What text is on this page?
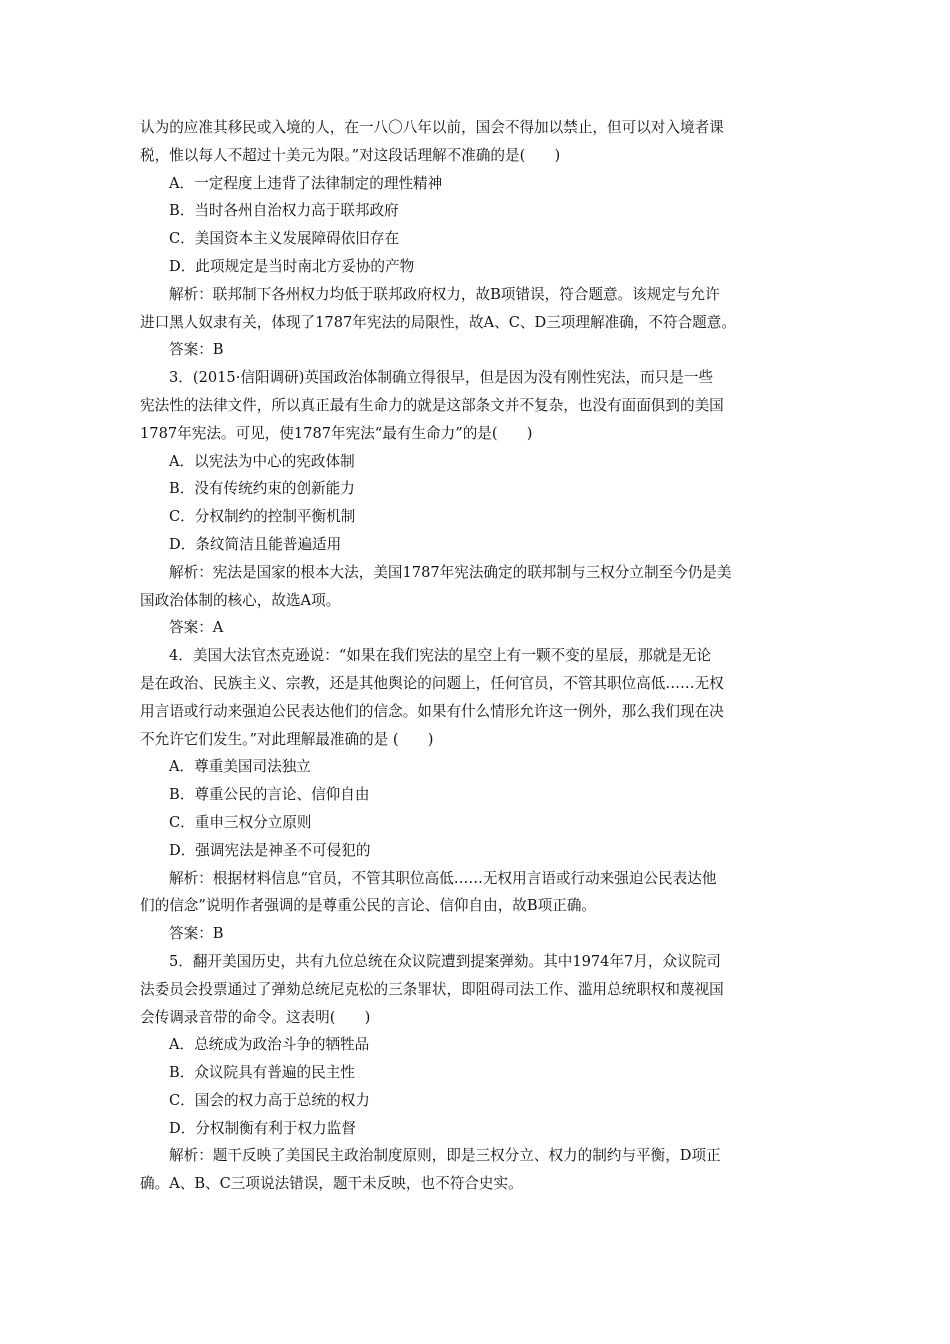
认为的应准其移民或入境的人，在一八〇八年以前，国会不得加以禁止，但可以对入境者课
税，惟以每人不超过十美元为限。”对这段话理解不准确的是(　　)
A．一定程度上违背了法律制定的理性精神
B．当时各州自治权力高于联邦政府
C．美国资本主义发展障碍依旧存在
D．此项规定是当时南北方妥协的产物
解析：联邦制下各州权力均低于联邦政府权力，故B项错误，符合题意。该规定与允许
进口黑人奴隶有关，体现了1787年宪法的局限性，故A、C、D三项理解准确，不符合题意。
答案：B
3．(2015·信阳调研)英国政治体制确立得很早，但是因为没有刚性宪法，而只是一些
宪法性的法律文件，所以真正最有生命力的就是这部条文并不复杂，也没有面面俱到的美国
1787年宪法。可见，使1787年宪法“最有生命力”的是(　　)
A．以宪法为中心的宪政体制
B．没有传统约束的创新能力
C．分权制约的控制平衡机制
D．条纹简洁且能普遍适用
解析：宪法是国家的根本大法，美国1787年宪法确定的联邦制与三权分立制至今仍是美
国政治体制的核心，故选A项。
答案：A
4．美国大法官杰克逊说：“如果在我们宪法的星空上有一颗不变的星辰，那就是无论
是在政治、民族主义、宗教，还是其他舆论的问题上，任何官员，不管其职位高低……无权
用言语或行动来强迫公民表达他们的信念。如果有什么情形允许这一例外，那么我们现在决
不允许它们发生。”对此理解最准确的是 (　　)
A．尊重美国司法独立
B．尊重公民的言论、信仰自由
C．重申三权分立原则
D．强调宪法是神圣不可侵犯的
解析：根据材料信息“官员，不管其职位高低……无权用言语或行动来强迫公民表达他
们的信念”说明作者强调的是尊重公民的言论、信仰自由，故B项正确。
答案：B
5．翻开美国历史，共有九位总统在众议院遭到提案弹劾。其中1974年7月，众议院司
法委员会投票通过了弹劾总统尼克松的三条罪状，即阻碍司法工作、滥用总统职权和蔑视国
会传调录音带的命令。这表明(　　)
A．总统成为政治斗争的牺牲品
B．众议院具有普遍的民主性
C．国会的权力高于总统的权力
D．分权制衡有利于权力监督
解析：题干反映了美国民主政治制度原则，即是三权分立、权力的制约与平衡，D项正
确。A、B、C三项说法错误，题干未反映，也不符合史实。
